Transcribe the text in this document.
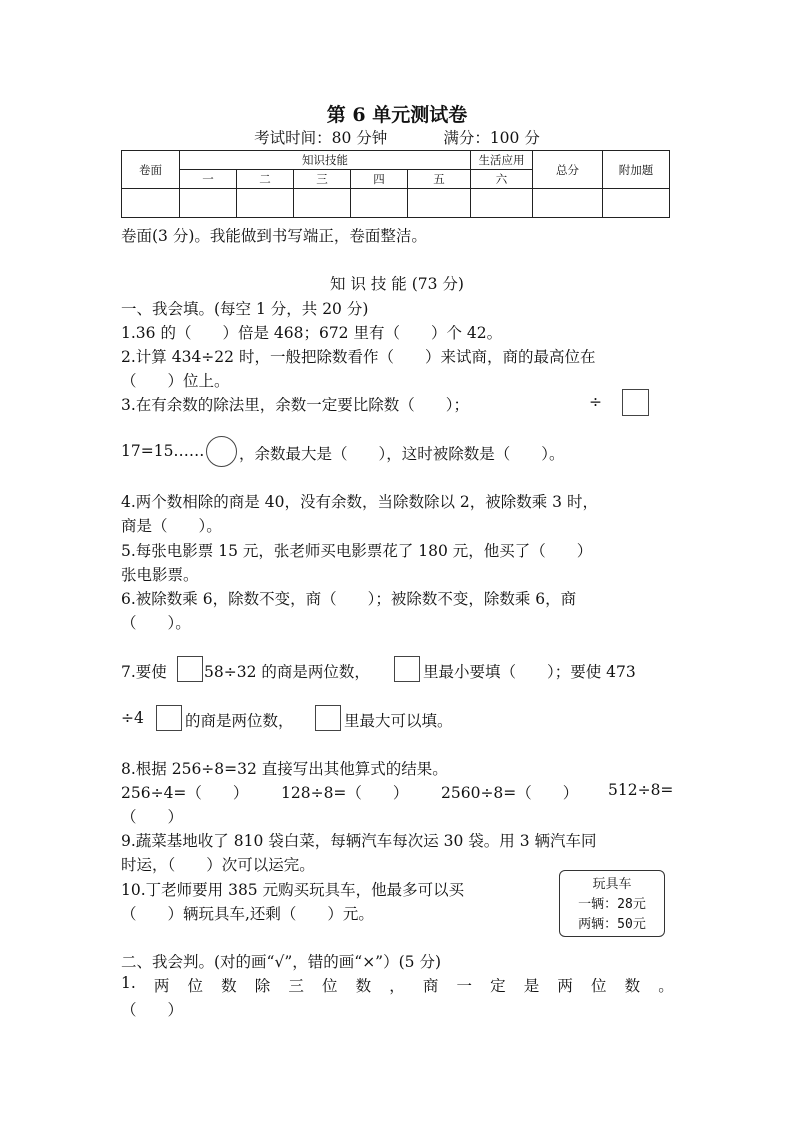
第 6 单元测试卷
考试时间：80 分钟	满分：100 分
卷面	知识技能					生活应用	总分	附加题
	一	二	三	四	五	六		

卷面(3 分)。我能做到书写端正，卷面整洁。
知 识 技 能 (73 分)
一、我会填。(每空 1 分，共 20 分)
1.36 的（　　）倍是 468；672 里有（　　）个 42。
2.计算 434÷22 时，一般把除数看作（　　）来试商，商的最高位在
（　　）位上。
3.在有余数的除法里，余数一定要比除数（　　）；	÷
17=15…… ，余数最大是（　　），这时被除数是（　　）。
4.两个数相除的商是 40，没有余数，当除数除以 2，被除数乘 3 时，
商是（　　）。
5.每张电影票 15 元，张老师买电影票花了 180 元，他买了（　　）
张电影票。
6.被除数乘 6，除数不变，商（　　）；被除数不变，除数乘 6，商
（　　）。
7.要使 58÷32 的商是两位数，	里最小要填（　　）；要使 473
÷4	的商是两位数，	里最大可以填。
8.根据 256÷8=32 直接写出其他算式的结果。
256÷4=（　　） 128÷8=（　　） 2560÷8=（　　） 512÷8=
（　　）
9.蔬菜基地收了 810 袋白菜，每辆汽车每次运 30 袋。用 3 辆汽车同
时运，（　　）次可以运完。
10.丁老师要用 385 元购买玩具车，他最多可以买
（　　）辆玩具车,还剩（　　）元。
玩具车
一辆：28元
两辆：50元
二、我会判。(对的画“√”，错的画“×”）(5 分)
1. 两 位 数 除 三 位 数 ， 商 一 定 是 两 位 数 。
（　　）
